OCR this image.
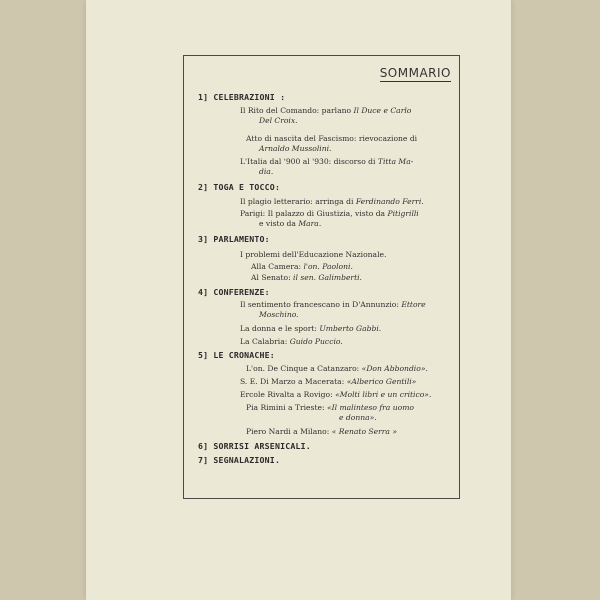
SOMMARIO
1] CELEBRAZIONI :
Il Rito del Comando: parlano Il Duce e Carlo
Del Croix.
Atto di nascita del Fascismo: rievocazione di
Arnaldo Mussolini.
L'Italia dal '900 al '930: discorso di Titta Ma-
dia.
2] TOGA E TOCCO:
Il plagio letterario: arringa di Ferdinando Ferri.
Parigi: Il palazzo di Giustizia, visto da Pitigrilli
e visto da Mara.
3] PARLAMENTO:
I problemi dell'Educazione Nazionale.
Alla Camera: l'on. Paoloni.
Al Senato: il sen. Galimberti.
4] CONFERENZE:
Il sentimento francescano in D'Annunzio: Ettore
Moschino.
La donna e le sport: Umberto Gabbi.
La Calabria: Guido Puccio.
5] LE CRONACHE:
L'on. De Cinque a Catanzaro: «Don Abbondio».
S. E. Di Marzo a Macerata: «Alberico Gentili»
Ercole Rivalta a Rovigo: «Molti libri e un critico».
Pia Rimini a Trieste: «Il malinteso fra uomo
e donna».
Piero Nardi a Milano: « Renato Serra »
6] SORRISI ARSENICALI.
7] SEGNALAZIONI.
